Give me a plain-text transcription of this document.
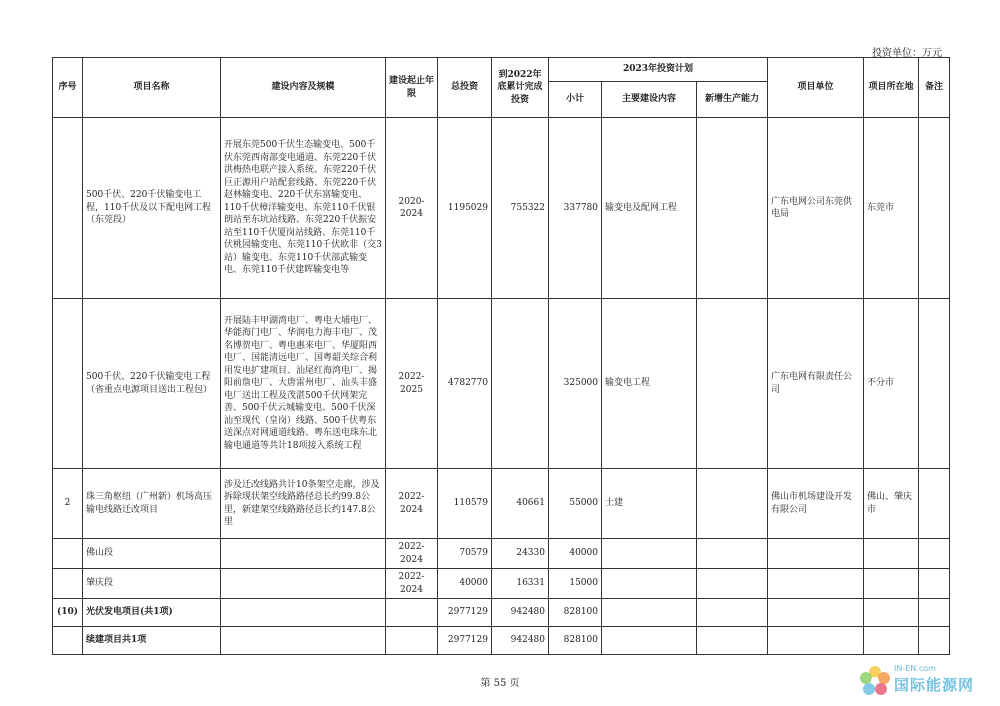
投资单位：万元
序号	项目名称	建设内容及规模	建设起止年限	总投资	到2022年底累计完成投资	2023年投资计划			项目单位	项目所在地	备注
						小计	主要建设内容	新增生产能力			
	500千伏、220千伏输变电工程，110千伏及以下配电网工程（东莞段）	开展东莞500千伏生态输变电、500千伏东莞西南部变电通道、东莞220千伏洪梅热电联产接入系统、东莞220千伏巨正源用户站配套线路、东莞220千伏赵林输变电、220千伏东富输变电、110千伏樟洋输变电、东莞110千伏银朗站至东坑站线路、东莞220千伏振安站至110千伏厦岗站线路、东莞110千伏桃园输变电、东莞110千伏欧非（交3站）输变电、东莞110千伏部武输变电、东莞110千伏建晖输变电等	2020-2024	1195029	755322	337780	输变电及配网工程		广东电网公司东莞供电局	东莞市	
	500千伏、220千伏输变电工程（省重点电源项目送出工程包）	开展陆丰甲湖湾电厂、粤电大埔电厂、华能海门电厂、华润电力海丰电厂、茂名博贺电厂、粤电惠来电厂、华厦阳西电厂、国能清远电厂、国粤韶关综合利用发电扩建项目、汕尾红海湾电厂、揭阳前詹电厂、大唐雷州电厂、汕头丰盛电厂送出工程及茂湛500千伏网架完善、500千伏云城输变电、500千伏深汕至现代（皇岗）线路、500千伏粤东送深点对网通道线路、粤东送电珠东北输电通道等共计18项接入系统工程	2022-2025	4782770		325000	输变电工程		广东电网有限责任公司	不分市	
2	珠三角枢纽（广州新）机场高压输电线路迁改项目	涉及迁改线路共计10条架空走廊，涉及拆除现状架空线路路径总长约99.8公里，新建架空线路路径总长约147.8公里	2022-2024	110579	40661	55000	土建		佛山市机场建设开发有限公司	佛山、肇庆市	
	佛山段		2022-2024	70579	24330	40000					
	肇庆段		2022-2024	40000	16331	15000					
(10)	光伏发电项目(共1项)			2977129	942480	828100					
	续建项目共1项			2977129	942480	828100					
第 55 页
IN-EN.com
国际能源网
